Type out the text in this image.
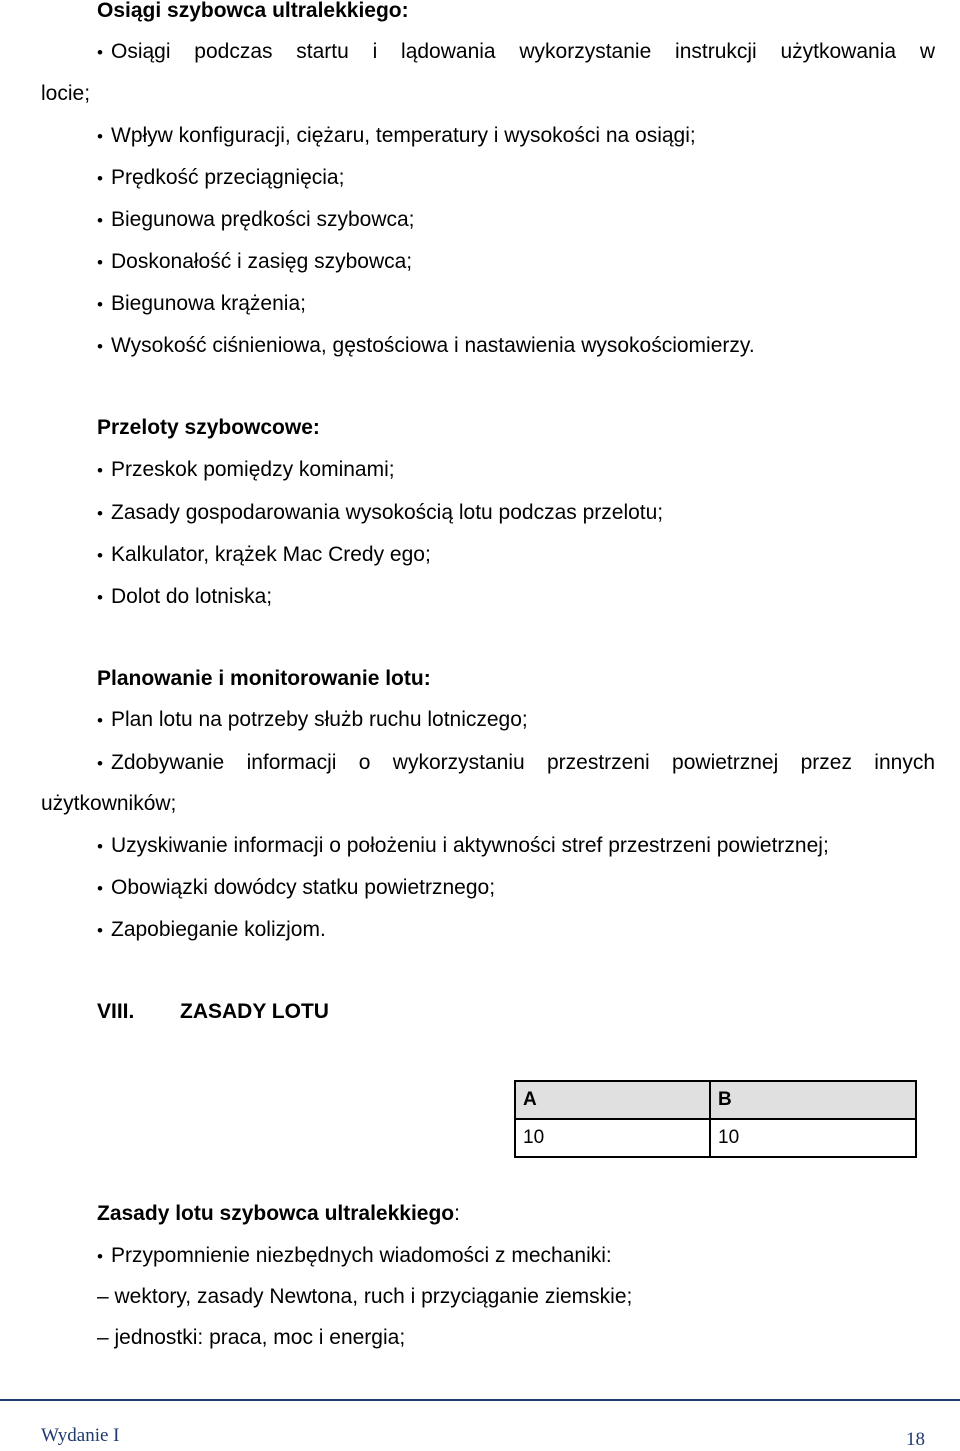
Osiągi szybowca ultralekkiego:
• Osiągi podczas startu i lądowania wykorzystanie instrukcji użytkowania w
locie;
• Wpływ konfiguracji, ciężaru, temperatury i wysokości na osiągi;
• Prędkość przeciągnięcia;
• Biegunowa prędkości szybowca;
• Doskonałość i zasięg szybowca;
• Biegunowa krążenia;
• Wysokość ciśnieniowa, gęstościowa i nastawienia wysokościomierzy.
Przeloty szybowcowe:
• Przeskok pomiędzy kominami;
• Zasady gospodarowania wysokością lotu podczas przelotu;
• Kalkulator, krążek Mac Credy ego;
• Dolot do lotniska;
Planowanie i monitorowanie lotu:
• Plan lotu na potrzeby służb ruchu lotniczego;
• Zdobywanie informacji o wykorzystaniu przestrzeni powietrznej przez innych
użytkowników;
• Uzyskiwanie informacji o położeniu i aktywności stref przestrzeni powietrznej;
• Obowiązki dowódcy statku powietrznego;
• Zapobieganie kolizjom.
VIII. ZASADY LOTU
A	B
10	10
Zasady lotu szybowca ultralekkiego:
• Przypomnienie niezbędnych wiadomości z mechaniki:
– wektory, zasady Newtona, ruch i przyciąganie ziemskie;
– jednostki: praca, moc i energia;
Wydanie I	18
